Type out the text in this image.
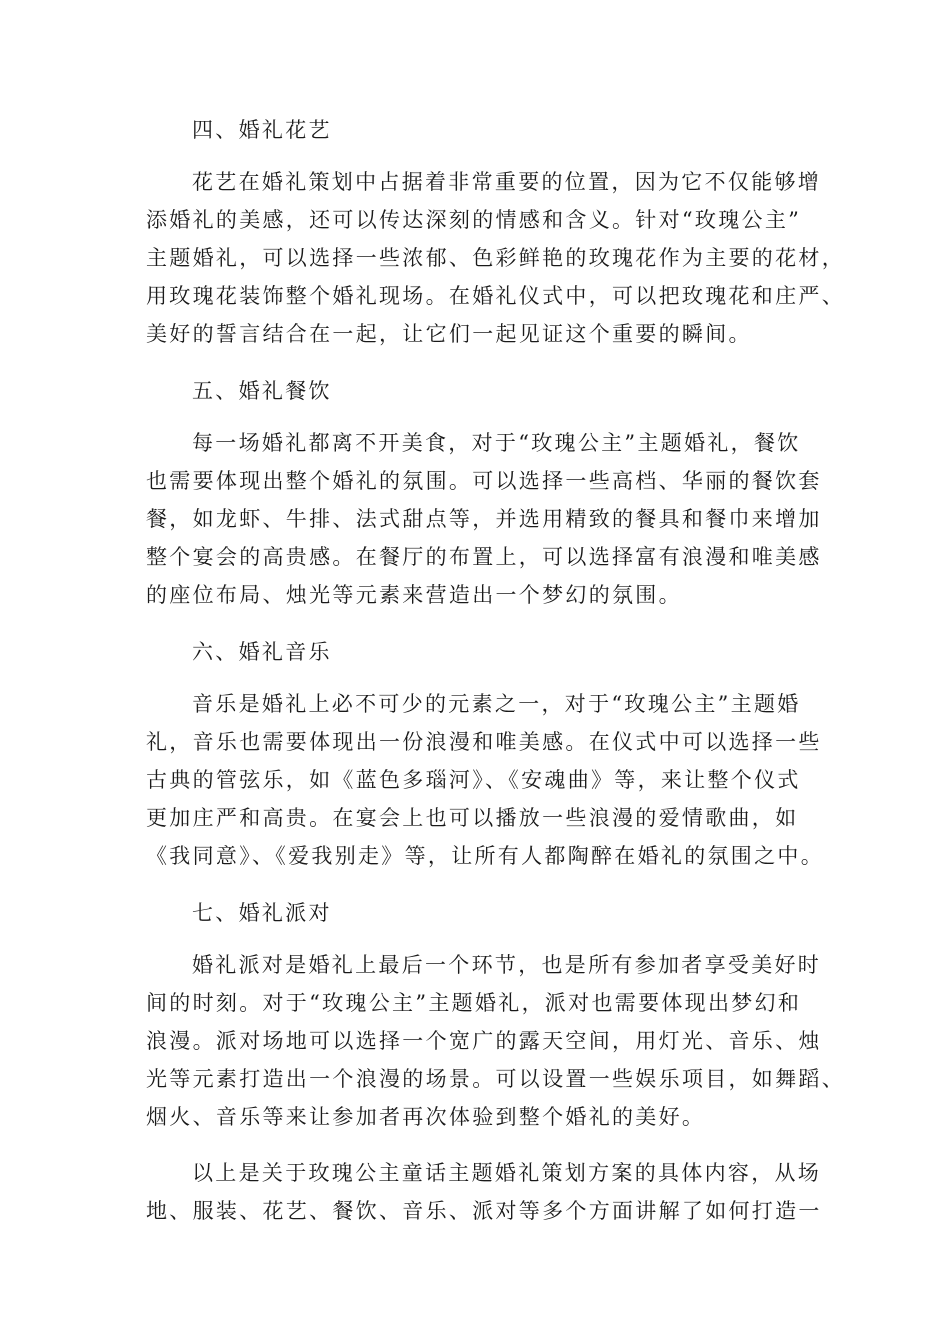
四、婚礼花艺
花艺在婚礼策划中占据着非常重要的位置，因为它不仅能够增
添婚礼的美感，还可以传达深刻的情感和含义。针对“玫瑰公主”
主题婚礼，可以选择一些浓郁、色彩鲜艳的玫瑰花作为主要的花材，
用玫瑰花装饰整个婚礼现场。在婚礼仪式中，可以把玫瑰花和庄严、
美好的誓言结合在一起，让它们一起见证这个重要的瞬间。
五、婚礼餐饮
每一场婚礼都离不开美食，对于“玫瑰公主”主题婚礼，餐饮
也需要体现出整个婚礼的氛围。可以选择一些高档、华丽的餐饮套
餐，如龙虾、牛排、法式甜点等，并选用精致的餐具和餐巾来增加
整个宴会的高贵感。在餐厅的布置上，可以选择富有浪漫和唯美感
的座位布局、烛光等元素来营造出一个梦幻的氛围。
六、婚礼音乐
音乐是婚礼上必不可少的元素之一，对于“玫瑰公主”主题婚
礼，音乐也需要体现出一份浪漫和唯美感。在仪式中可以选择一些
古典的管弦乐，如《蓝色多瑙河》、《安魂曲》等，来让整个仪式
更加庄严和高贵。在宴会上也可以播放一些浪漫的爱情歌曲，如
《我同意》、《爱我别走》等，让所有人都陶醉在婚礼的氛围之中。
七、婚礼派对
婚礼派对是婚礼上最后一个环节，也是所有参加者享受美好时
间的时刻。对于“玫瑰公主”主题婚礼，派对也需要体现出梦幻和
浪漫。派对场地可以选择一个宽广的露天空间，用灯光、音乐、烛
光等元素打造出一个浪漫的场景。可以设置一些娱乐项目，如舞蹈、
烟火、音乐等来让参加者再次体验到整个婚礼的美好。
以上是关于玫瑰公主童话主题婚礼策划方案的具体内容，从场
地、服装、花艺、餐饮、音乐、派对等多个方面讲解了如何打造一
